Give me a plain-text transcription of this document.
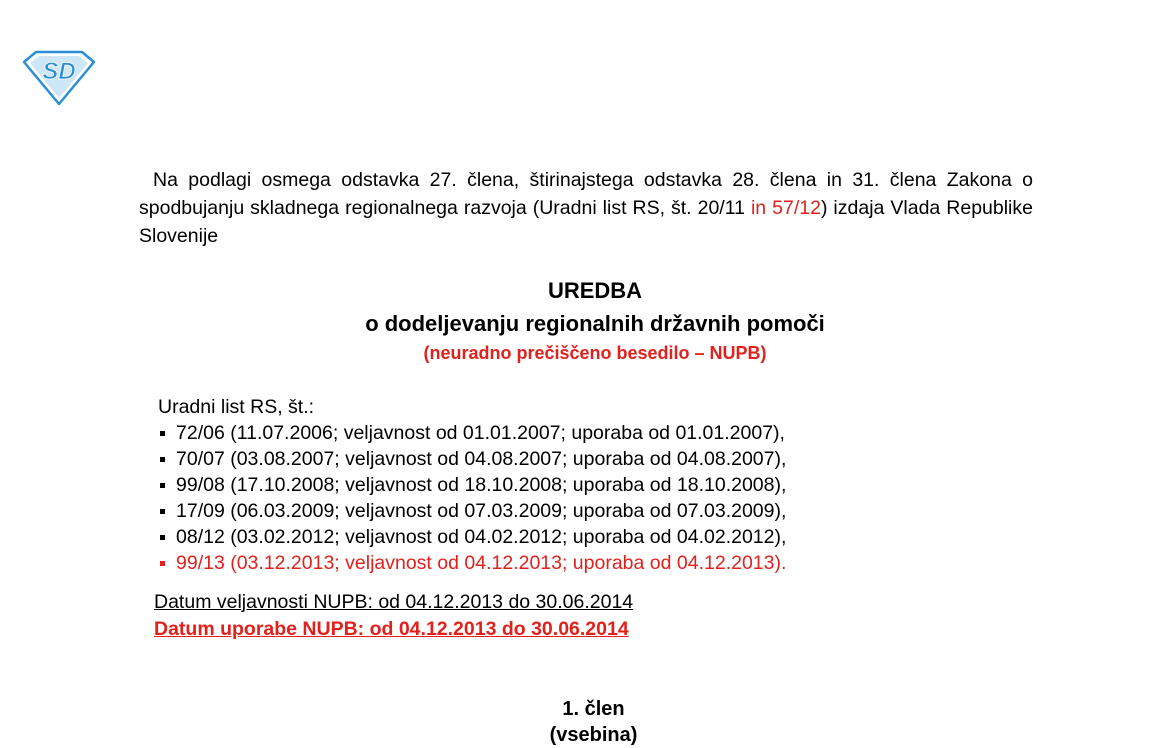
SD
Na podlagi osmega odstavka 27. člena, štirinajstega odstavka 28. člena in 31. člena Zakona o spodbujanju skladnega regionalnega razvoja (Uradni list RS, št. 20/11 in 57/12) izdaja Vlada Republike Slovenije
UREDBA
o dodeljevanju regionalnih državnih pomoči
(neuradno prečiščeno besedilo – NUPB)
Uradni list RS, št.:
72/06 (11.07.2006; veljavnost od 01.01.2007; uporaba od 01.01.2007),
70/07 (03.08.2007; veljavnost od 04.08.2007; uporaba od 04.08.2007),
99/08 (17.10.2008; veljavnost od 18.10.2008; uporaba od 18.10.2008),
17/09 (06.03.2009; veljavnost od 07.03.2009; uporaba od 07.03.2009),
08/12 (03.02.2012; veljavnost od 04.02.2012; uporaba od 04.02.2012),
99/13 (03.12.2013; veljavnost od 04.12.2013; uporaba od 04.12.2013).
Datum veljavnosti NUPB: od 04.12.2013 do 30.06.2014
Datum uporabe NUPB: od 04.12.2013 do 30.06.2014
1. člen
(vsebina)
